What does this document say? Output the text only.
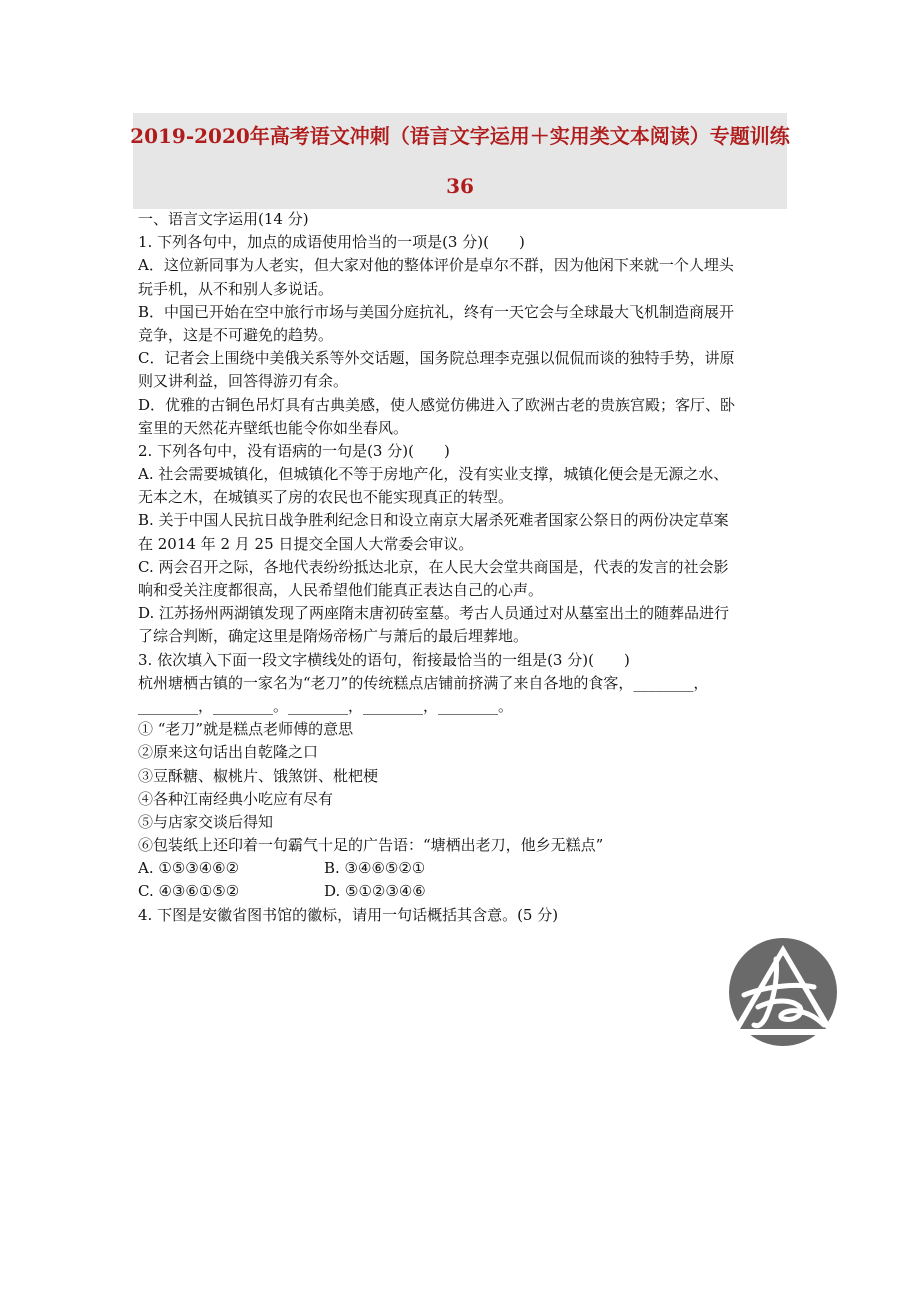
2019-2020年高考语文冲刺（语言文字运用＋实用类文本阅读）专题训练
36
一、语言文字运用(14 分)
1. 下列各句中，加点的成语使用恰当的一项是(3 分)(　　)
A．这位新同事为人老实，但大家对他的整体评价是卓尔不群，因为他闲下来就一个人埋头
玩手机，从不和别人多说话。
B．中国已开始在空中旅行市场与美国分庭抗礼，终有一天它会与全球最大飞机制造商展开
竞争，这是不可避免的趋势。
C．记者会上围绕中美俄关系等外交话题，国务院总理李克强以侃侃而谈的独特手势，讲原
则又讲利益，回答得游刃有余。
D．优雅的古铜色吊灯具有古典美感，使人感觉仿佛进入了欧洲古老的贵族宫殿；客厅、卧
室里的天然花卉壁纸也能令你如坐春风。
2. 下列各句中，没有语病的一句是(3 分)(　　)
A. 社会需要城镇化，但城镇化不等于房地产化，没有实业支撑，城镇化便会是无源之水、
无本之木，在城镇买了房的农民也不能实现真正的转型。
B. 关于中国人民抗日战争胜利纪念日和设立南京大屠杀死难者国家公祭日的两份决定草案
在 2014 年 2 月 25 日提交全国人大常委会审议。
C. 两会召开之际，各地代表纷纷抵达北京，在人民大会堂共商国是，代表的发言的社会影
响和受关注度都很高，人民希望他们能真正表达自己的心声。
D. 江苏扬州两湖镇发现了两座隋末唐初砖室墓。考古人员通过对从墓室出土的随葬品进行
了综合判断，确定这里是隋炀帝杨广与萧后的最后埋葬地。
3. 依次填入下面一段文字横线处的语句，衔接最恰当的一组是(3 分)(　　)
杭州塘栖古镇的一家名为“老刀”的传统糕点店铺前挤满了来自各地的食客，________，
________，________。________，________，________。
① “老刀”就是糕点老师傅的意思
②原来这句话出自乾隆之口
③豆酥糖、椒桃片、饿煞饼、枇杷梗
④各种江南经典小吃应有尽有
⑤与店家交谈后得知
⑥包装纸上还印着一句霸气十足的广告语：“塘栖出老刀，他乡无糕点”
A. ①⑤③④⑥②	B. ③④⑥⑤②①
C. ④③⑥①⑤②	D. ⑤①②③④⑥
4. 下图是安徽省图书馆的徽标，请用一句话概括其含意。(5 分)
